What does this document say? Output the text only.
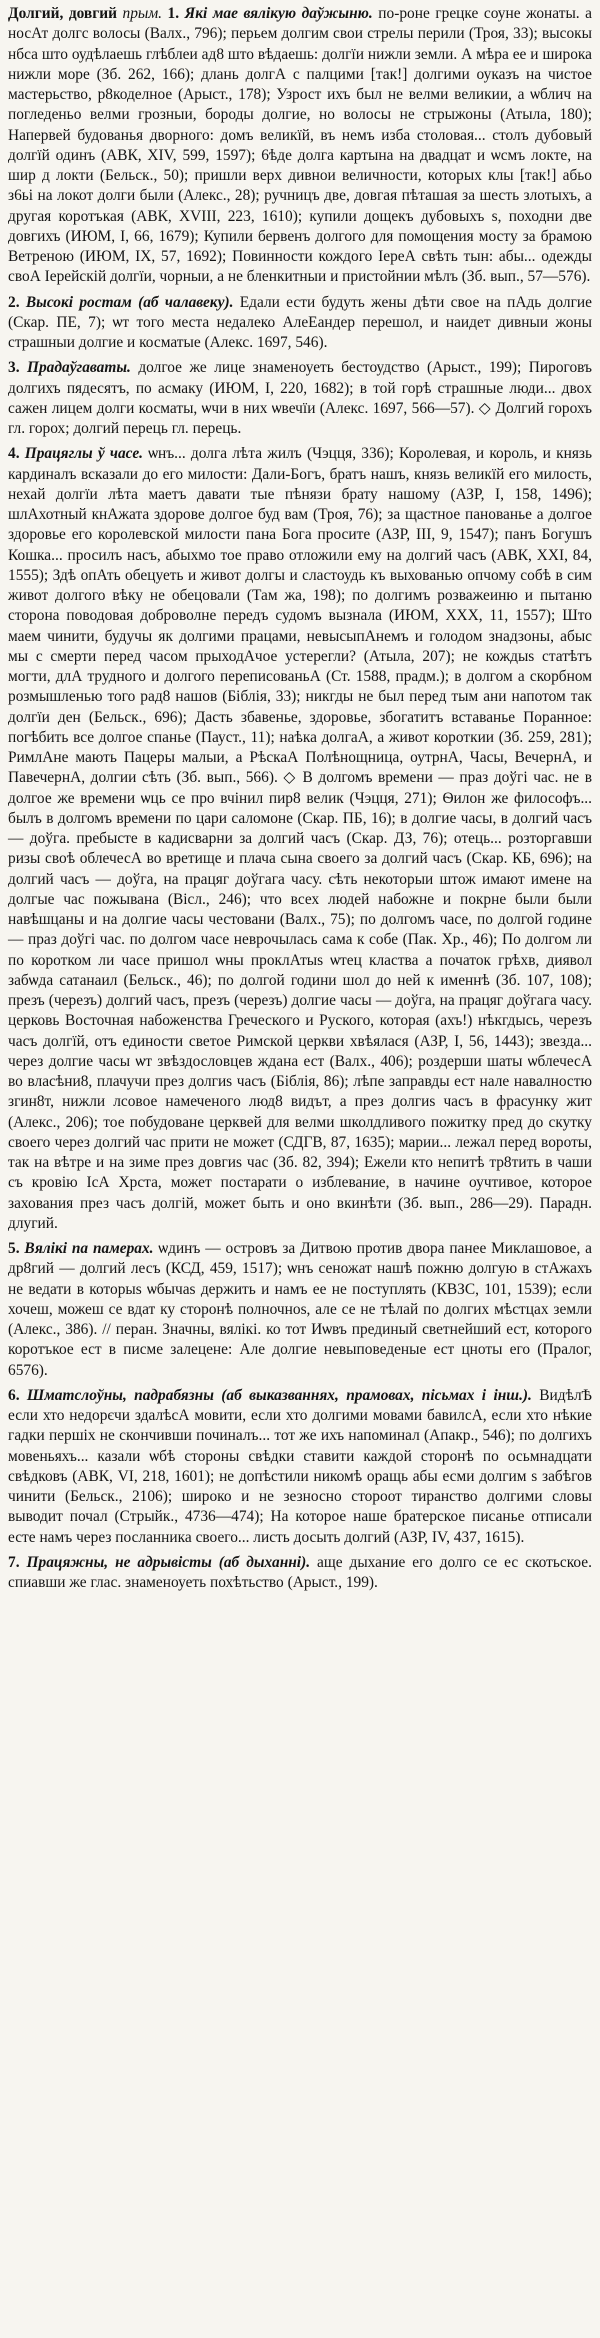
Долгий, довгий прым. 1. Які мае вялікую даўжыню. по-роне грецке соуне жонаты. а носАт долгс волосы (Валх., 796); перьем долгим свои стрелы перили (Троя, 33); высокы нбса што оудѣлаешь глѣблеи ад8 што вѣдаешь: долгїи нижли земли. А мѣра ее и широка нижли море (Зб. 262, 166); длань долгА с палцими [так!] долгими оуказъ на чистое мастерьство, р8коделное (Арыст., 178); Узрост ихъ был не велми великии, а ѡблич на погледеньо велми грозныи, бороды долгие, но волосы не стрыжоны (Атыла, 180); Напервей будованья дворного: домъ великїй, въ немъ изба столовая... столъ дубовый долгїй одинъ (АВК, XIV, 599, 1597); 6ѣде долга картына на двадцат и ѡсмъ локте, на шир д локти (Бельск., 50); пришли верх дивнои величности, которых клы [так!] абьо з6ьі на локот долги были (Алекс., 28); ручницъ две, довгая пѣташая за шесть злотыхъ, а другая коротъкая (АВК, XVIII, 223, 1610); купили дощекъ дубовыхъ s, походни две довгихъ (ИЮМ, I, 66, 1679); Купили бервенъ долгого для помощения мосту за брамою Ветреною (ИЮМ, IX, 57, 1692); Повинности кождого ІереА свѣть тын: абы... одежды своА Іерейскій долгїи, чорныи, а не бленкитныи и пристойнии мѣлъ (Зб. вып., 57—576).

2. Высокі ростам (аб чалавеку). Едали ести будуть жены дѣти свое на пАдь долгие (Скар. ПЕ, 7); ѡт того места недалеко АлеЕандер перешол, и наидет дивныи жоны страшныи долгие и косматые (Алекс. 1697, 546).

3. Прадаўгаваты. долгое же лице знаменоуеть бестоудство (Арыст., 199); Пироговъ долгихъ пядесятъ, по асмаку (ИЮМ, I, 220, 1682); в той горѣ страшные люди... двоx сажен лицем долги косматы, ѡчи в них ѡвечїи (Алекс. 1697, 566—57). ◇ Долгий горохъ гл. горох; долгий перець гл. перець.

4. Працяглы ў часе. ѡнъ... долга лѣта жилъ (Чэцця, 336); Королевая, и король, и князь кардиналъ всказали до его милости: Дали-Богъ, братъ нашъ, князь великїй его милость, нехай долгїи лѣта маетъ давати тые пѣнязи брату нашому (АЗР, I, 158, 1496); шлАхотный кнАжата здорове долгое буд вам (Троя, 76); за щастное панованье а долгое здоровье его королевской милости пана Бога просите (АЗР, III, 9, 1547); панъ Богушъ Кошка... просилъ насъ, абыхмо тое право отложили ему на долгий часъ (АВК, XXI, 84, 1555); Здѣ опАть обецуеть и живот долгы и сластоудь къ выхованью опчому собѣ в сим живот долгого вѣку не обецовали (Там жа, 198); по долгимъ розважеиню и пытаню сторона поводовая доброволне передъ судомъ вызнала (ИЮМ, XXX, 11, 1557); Што маем чинити, будучы як долгими працами, невысыпАнемъ и голодом знадзоны, абыс мы с смерти перед часом прыходАчое устерегли? (Атыла, 207); не кождыѕ статѣтъ могти, длА трудного и долгого переписованьА (Ст. 1588, прадм.); в долгом а скорбном розмышленью того рад8 нашов (Біблія, 33); никгды не был перед тым ани напотом так долгїи ден (Бельск., 696); Дасть збавенье, здоровье, збогатитъ вставанье Поранное: погѣбить все долгое спанье (Пауст., 11); наѣка долгаА, а живот короткии (Зб. 259, 281); РимлАне мають Пацеры малыи, а РѣскаА Полѣнощница, оутрнА, Часы, ВечернА, и ПавечернА, долгии сѣть (Зб. вып., 566). ◇ В долгомъ времени — праз доўгі час. не в долгое же времени ѡць се про вчінил пир8 велик (Чэцця, 271); Ѳилон же философъ... былъ в долгомъ времени по цари саломоне (Скар. ПБ, 16); в долгие часы, в долгий часъ — доўга. пребысте в кадисварни за долгий часъ (Скар. ДЗ, 76); отець... розторгавши ризы своѣ облечесА во вретище и плача сына своего за долгий часъ (Скар. КБ, 696); на долгий часъ — доўга, на працяг доўгага часу. сѣть некоторыи штож имают имене на долгые час пожывана (Вісл., 246); что всех людей набожне и покрне были были навѣшцаны и на долгие часы честовани (Валх., 75); по долгомъ часе, по долгой године — праз доўгі час. по долгом часе неврочылась сама к собе (Пак. Хр., 46); По долгом ли по коротком ли часе пришол ѡны проклАтыѕ ѡтец кластва а початок грѣхв, диявол забѡда сатанаил (Бельск., 46); по долгой години шол до ней к именнѣ (Зб. 107, 108); презъ (черезъ) долгий часъ, презъ (черезъ) долгие часы — доўга, на працяг доўгага часу. церковь Восточная набоженства Греческого и Руского, которая (ахъ!) нѣкгдысь, черезъ часъ долгїй, отъ единости светое Римской церкви хвѣялася (АЗР, I, 56, 1443); звезда... через долгие часы ѡт звѣздословцев ждана ест (Валх., 406); роздерши шаты ѡблечесА во власѣни8, плачучи през долгиѕ часъ (Біблія, 86); лѣпе заправды ест нале навалностю згин8т, нижли лсовое намеченого люд8 видът, а през долгиѕ часъ в фрасунку жит (Алекс., 206); тое побудоване церквей для велми школдливого пожитку пред до скутку своего через долгий час прити не может (СДГВ, 87, 1635); марии... лежал перед вороты, так на вѣтре и на зиме през довгиѕ час (Зб. 82, 394); Ежели кто непитѣ тр8тить в чаши съ кровію ІсА Хрста, может постарати о изблевание, в начине оучтивое, которое захования през часъ долгій, может быть и оно вкинѣти (Зб. вып., 286—29). Парадн. длугий.

5. Вялікі па памерах. ѡдинъ — островъ за Дитвою против двора панее Миклашовое, а др8гий — долгий лесъ (КСД, 459, 1517); ѡнъ сеножат нашѣ пожню долгую в стАжахъ не ведати в которыѕ ѡбычаѕ держить и намъ ее не поступлять (КВЗС, 101, 1539); если хочеш, можеш се вдат ку сторонѣ полночноѕ, але се не тѣлай по долгих мѣстцах земли (Алекс., 386). // перан. Значны, вялікі. ко тот Иѡвъ прединый светнейший ест, которого коротъкое ест в писме залецене: Але долгие невыповеденые ест цноты его (Пралог, 6576).

6. Шматслоўны, падрабязны (аб выказваннях, прамовах, пісьмах і інш.). ВидѣлѢ если хто недорєчи здалѣсА мовити, если хто долгими мовами бавилсА, если хто нѣкие гадки першіх не скончивши починалъ... тот же ихъ напоминал (Апакр., 546); по долгихъ мовеньяхъ... казали ѡбѣ стороны свѣдки ставити каждой сторонѣ по осьмнадцати свѣдковъ (АВК, VI, 218, 1601); не допѣстили никомѣ оращь абы есми долгим ѕ забѣгов чинити (Бельск., 2106); широко и не зезносно стороот тиранство долгими словы выводит почал (Стрыйк., 4736—474); На которое наше братерское писанье отписали есте намъ через посланника своего... листь досыть долгий (АЗР, IV, 437, 1615).

7. Працяжны, не адрывісты (аб дыханні). аще дыхание его долго се ес скотьское. спиавши же глас. знаменоуеть похѣтьство (Арыст., 199).
